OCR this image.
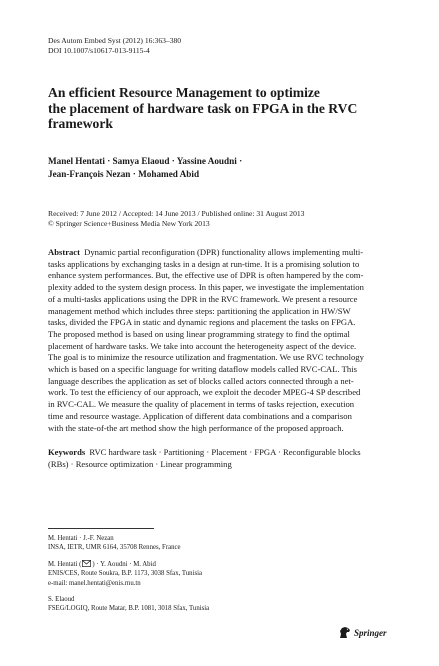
Des Autom Embed Syst (2012) 16:363–380
DOI 10.1007/s10617-013-9115-4
An efficient Resource Management to optimize
the placement of hardware task on FPGA in the RVC
framework
Manel Hentati · Samya Elaoud · Yassine Aoudni ·
Jean-François Nezan · Mohamed Abid
Received: 7 June 2012 / Accepted: 14 June 2013 / Published online: 31 August 2013
© Springer Science+Business Media New York 2013
Abstract Dynamic partial reconfiguration (DPR) functionality allows implementing multi-
tasks applications by exchanging tasks in a design at run-time. It is a promising solution to
enhance system performances. But, the effective use of DPR is often hampered by the com-
plexity added to the system design process. In this paper, we investigate the implementation
of a multi-tasks applications using the DPR in the RVC framework. We present a resource
management method which includes three steps: partitioning the application in HW/SW
tasks, divided the FPGA in static and dynamic regions and placement the tasks on FPGA.
The proposed method is based on using linear programming strategy to find the optimal
placement of hardware tasks. We take into account the heterogeneity aspect of the device.
The goal is to minimize the resource utilization and fragmentation. We use RVC technology
which is based on a specific language for writing dataflow models called RVC-CAL. This
language describes the application as set of blocks called actors connected through a net-
work. To test the efficiency of our approach, we exploit the decoder MPEG-4 SP described
in RVC-CAL. We measure the quality of placement in terms of tasks rejection, execution
time and resource wastage. Application of different data combinations and a comparison
with the state-of-the art method show the high performance of the proposed approach.
Keywords RVC hardware task · Partitioning · Placement · FPGA · Reconfigurable blocks
(RBs) · Resource optimization · Linear programming
M. Hentati · J.-F. Nezan
INSA, IETR, UMR 6164, 35708 Rennes, France
M. Hentati ( ) · Y. Aoudni · M. Abid
ENIS/CES, Route Soukra, B.P. 1173, 3038 Sfax, Tunisia
e-mail: manel.hentati@enis.rnu.tn
S. Elaoud
FSEG/LOGIQ, Route Matar, B.P. 1081, 3018 Sfax, Tunisia
Springer
